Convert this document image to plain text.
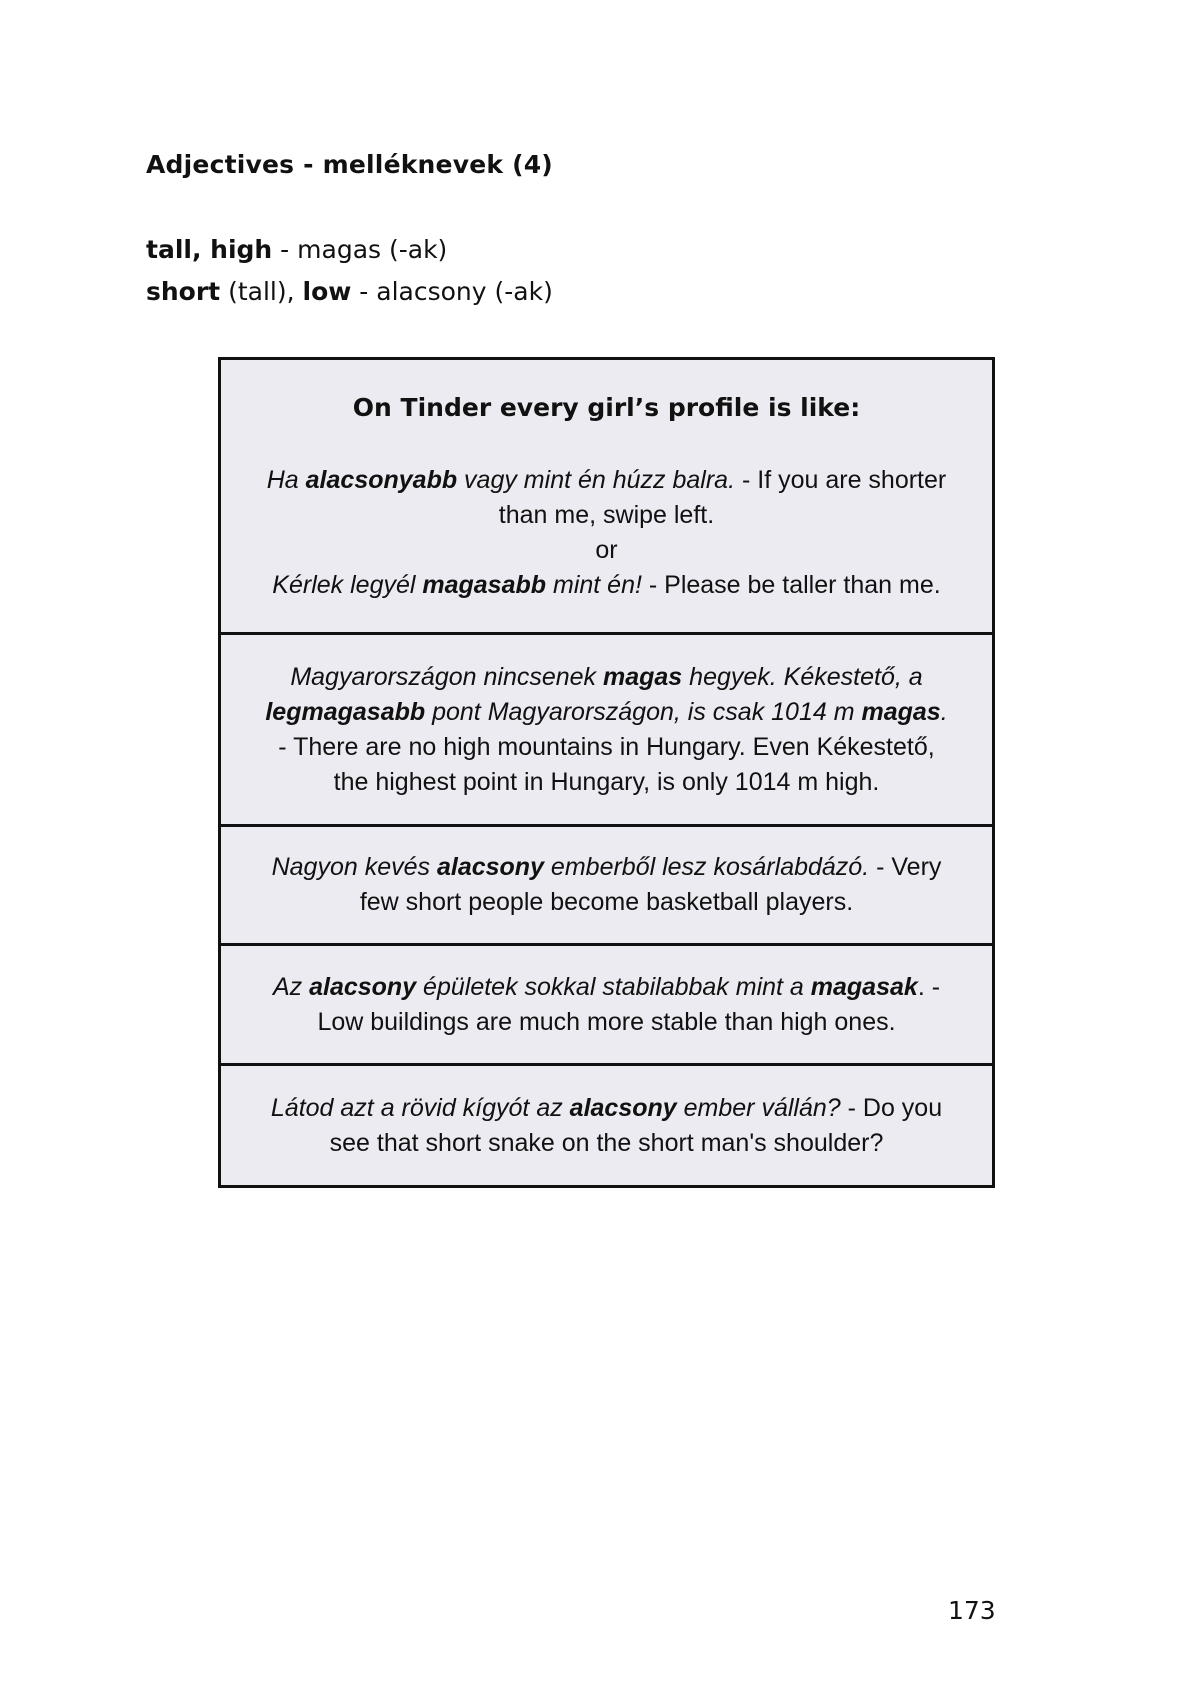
Adjectives - melléknevek (4)
tall, high - magas (-ak)
short (tall), low - alacsony (-ak)
On Tinder every girl’s profile is like:
Ha alacsonyabb vagy mint én húzz balra. - If you are shorter
than me, swipe left.
or
Kérlek legyél magasabb mint én! - Please be taller than me.
Magyarországon nincsenek magas hegyek. Kékestető, a
legmagasabb pont Magyarországon, is csak 1014 m magas.
- There are no high mountains in Hungary. Even Kékestető,
the highest point in Hungary, is only 1014 m high.
Nagyon kevés alacsony emberből lesz kosárlabdázó. - Very
few short people become basketball players.
Az alacsony épületek sokkal stabilabbak mint a magasak. -
Low buildings are much more stable than high ones.
Látod azt a rövid kígyót az alacsony ember vállán? - Do you
see that short snake on the short man's shoulder?
173
